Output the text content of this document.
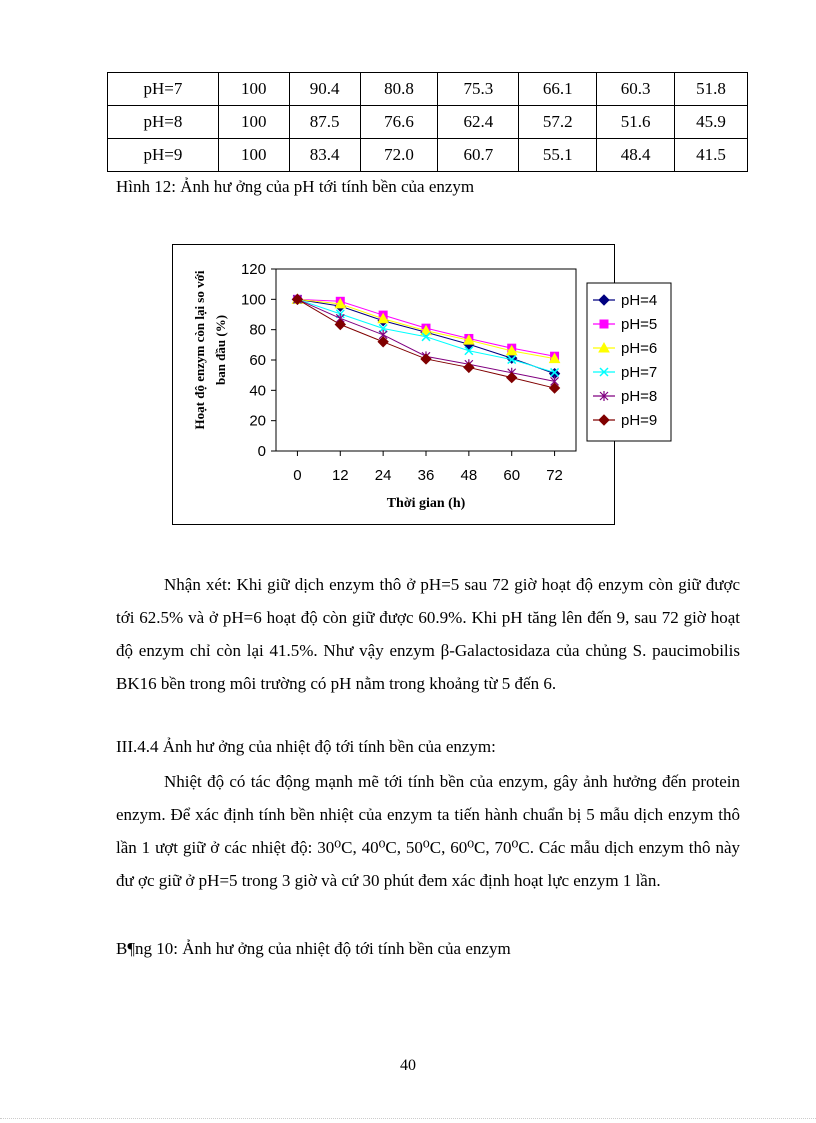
pH=7	100	90.4	80.8	75.3	66.1	60.3	51.8
pH=8	100	87.5	76.6	62.4	57.2	51.6	45.9
pH=9	100	83.4	72.0	60.7	55.1	48.4	41.5
Hình 12: Ảnh hư ởng của pH tới tính bền của enzym
0
20
40
60
80
100
120
0 12 24 36 48 60 72
Thời gian (h)
Hoạt độ enzym còn lại so với ban đầu (%)
pH=4
pH=5
pH=6
pH=7
pH=8
pH=9
Nhận xét: Khi giữ dịch enzym thô ở pH=5 sau 72 giờ hoạt độ enzym còn giữ được tới 62.5% và ở pH=6 hoạt độ còn giữ được 60.9%. Khi pH tăng lên đến 9, sau 72 giờ hoạt độ enzym chỉ còn lại 41.5%. Như vậy enzym β-Galactosidaza của chủng S. paucimobilis BK16 bền trong môi trường có pH nằm trong khoảng từ 5 đến 6.
III.4.4 Ảnh hư ởng của nhiệt độ tới tính bền của enzym:
Nhiệt độ có tác động mạnh mẽ tới tính bền của enzym, gây ảnh hưởng đến protein enzym. Để xác định tính bền nhiệt của enzym ta tiến hành chuẩn bị 5 mẫu dịch enzym thô lần 1 ượt giữ ở các nhiệt độ: 30⁰C, 40⁰C, 50⁰C, 60⁰C, 70⁰C. Các mẫu dịch enzym thô này đư ợc giữ ở pH=5 trong 3 giờ và cứ 30 phút đem xác định hoạt lực enzym 1 lần.
B¶ng 10: Ảnh hư ởng của nhiệt độ tới tính bền của enzym
40
